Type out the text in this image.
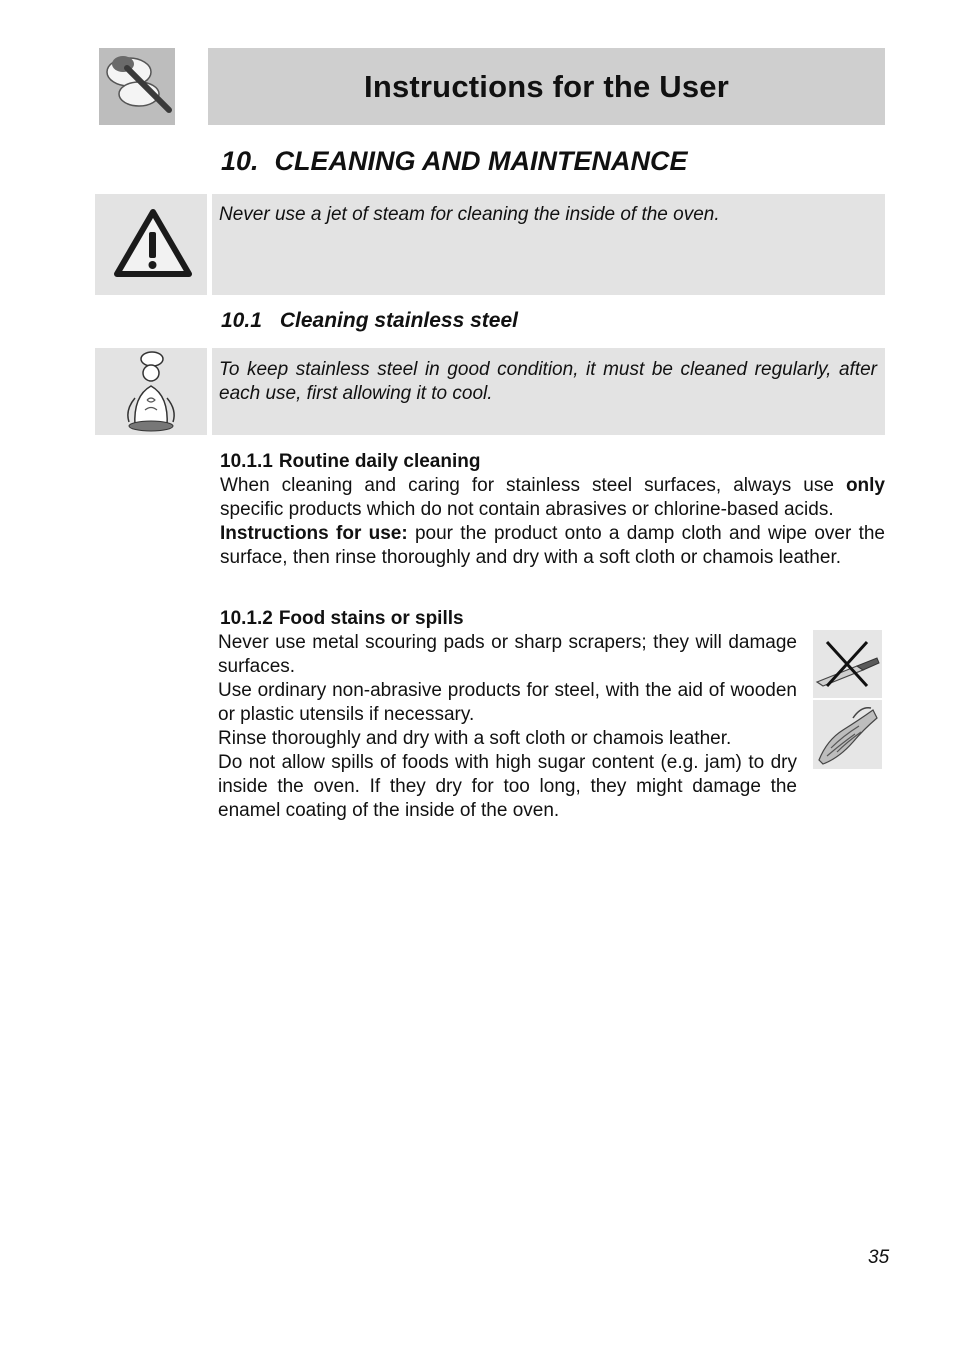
Instructions for the User
10. CLEANING AND MAINTENANCE
Never use a jet of steam for cleaning the inside of the oven.
10.1 Cleaning stainless steel
To keep stainless steel in good condition, it must be cleaned regularly, after each use, first allowing it to cool.
10.1.1 Routine daily cleaning

When cleaning and caring for stainless steel surfaces, always use only specific products which do not contain abrasives or chlorine-based acids.

Instructions for use: pour the product onto a damp cloth and wipe over the surface, then rinse thoroughly and dry with a soft cloth or chamois leather.

10.1.2 Food stains or spills

Never use metal scouring pads or sharp scrapers; they will damage surfaces.

Use ordinary non-abrasive products for steel, with the aid of wooden or plastic utensils if necessary.

Rinse thoroughly and dry with a soft cloth or chamois leather.

Do not allow spills of foods with high sugar content (e.g. jam) to dry inside the oven. If they dry for too long, they might damage the enamel coating of the inside of the oven.

35
